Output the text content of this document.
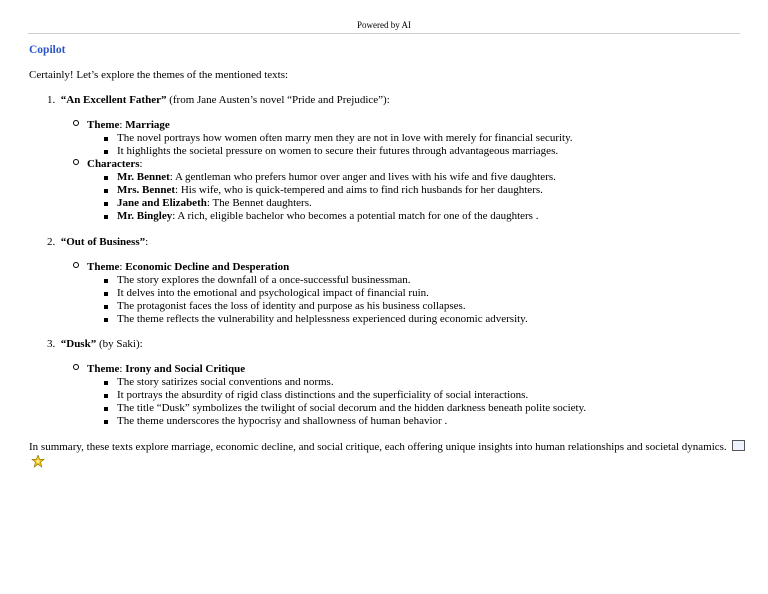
Powered by AI
Copilot
Certainly! Let’s explore the themes of the mentioned texts:
1. “An Excellent Father” (from Jane Austen’s novel “Pride and Prejudice”):
Theme: Marriage
The novel portrays how women often marry men they are not in love with merely for financial security.
It highlights the societal pressure on women to secure their futures through advantageous marriages.
Characters:
Mr. Bennet: A gentleman who prefers humor over anger and lives with his wife and five daughters.
Mrs. Bennet: His wife, who is quick-tempered and aims to find rich husbands for her daughters.
Jane and Elizabeth: The Bennet daughters.
Mr. Bingley: A rich, eligible bachelor who becomes a potential match for one of the daughters .
2. “Out of Business”:
Theme: Economic Decline and Desperation
The story explores the downfall of a once-successful businessman.
It delves into the emotional and psychological impact of financial ruin.
The protagonist faces the loss of identity and purpose as his business collapses.
The theme reflects the vulnerability and helplessness experienced during economic adversity.
3. “Dusk” (by Saki):
Theme: Irony and Social Critique
The story satirizes social conventions and norms.
It portrays the absurdity of rigid class distinctions and the superficiality of social interactions.
The title “Dusk” symbolizes the twilight of social decorum and the hidden darkness beneath polite society.
The theme underscores the hypocrisy and shallowness of human behavior .
In summary, these texts explore marriage, economic decline, and social critique, each offering unique insights into human relationships and societal dynamics.
